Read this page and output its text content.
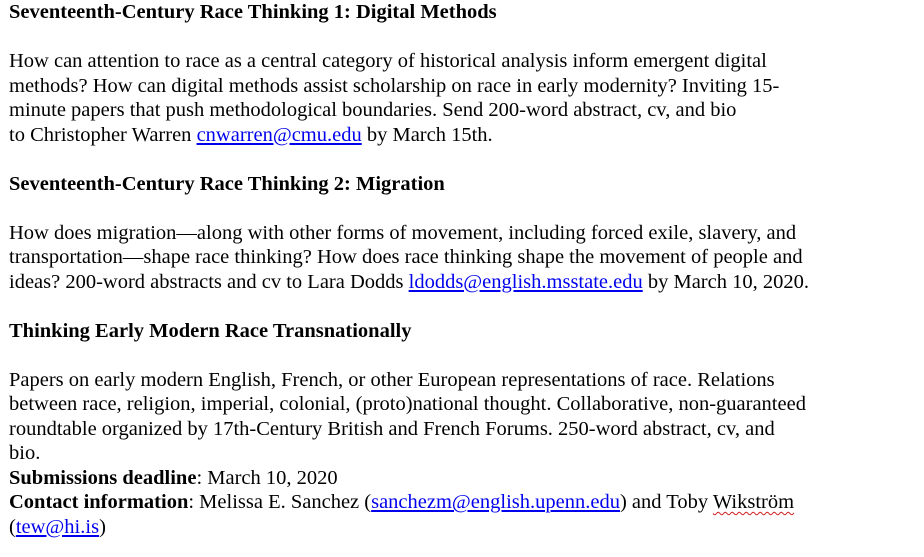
Seventeenth-Century Race Thinking 1: Digital Methods

How can attention to race as a central category of historical analysis inform emergent digital
methods? How can digital methods assist scholarship on race in early modernity? Inviting 15-
minute papers that push methodological boundaries. Send 200-word abstract, cv, and bio
to Christopher Warren cnwarren@cmu.edu by March 15th.

Seventeenth-Century Race Thinking 2: Migration

How does migration—along with other forms of movement, including forced exile, slavery, and
transportation—shape race thinking? How does race thinking shape the movement of people and
ideas? 200-word abstracts and cv to Lara Dodds ldodds@english.msstate.edu by March 10, 2020.

Thinking Early Modern Race Transnationally

Papers on early modern English, French, or other European representations of race. Relations
between race, religion, imperial, colonial, (proto)national thought. Collaborative, non-guaranteed
roundtable organized by 17th-Century British and French Forums. 250-word abstract, cv, and
bio.
Submissions deadline: March 10, 2020
Contact information: Melissa E. Sanchez (sanchezm@english.upenn.edu) and Toby Wikström
(tew@hi.is)
